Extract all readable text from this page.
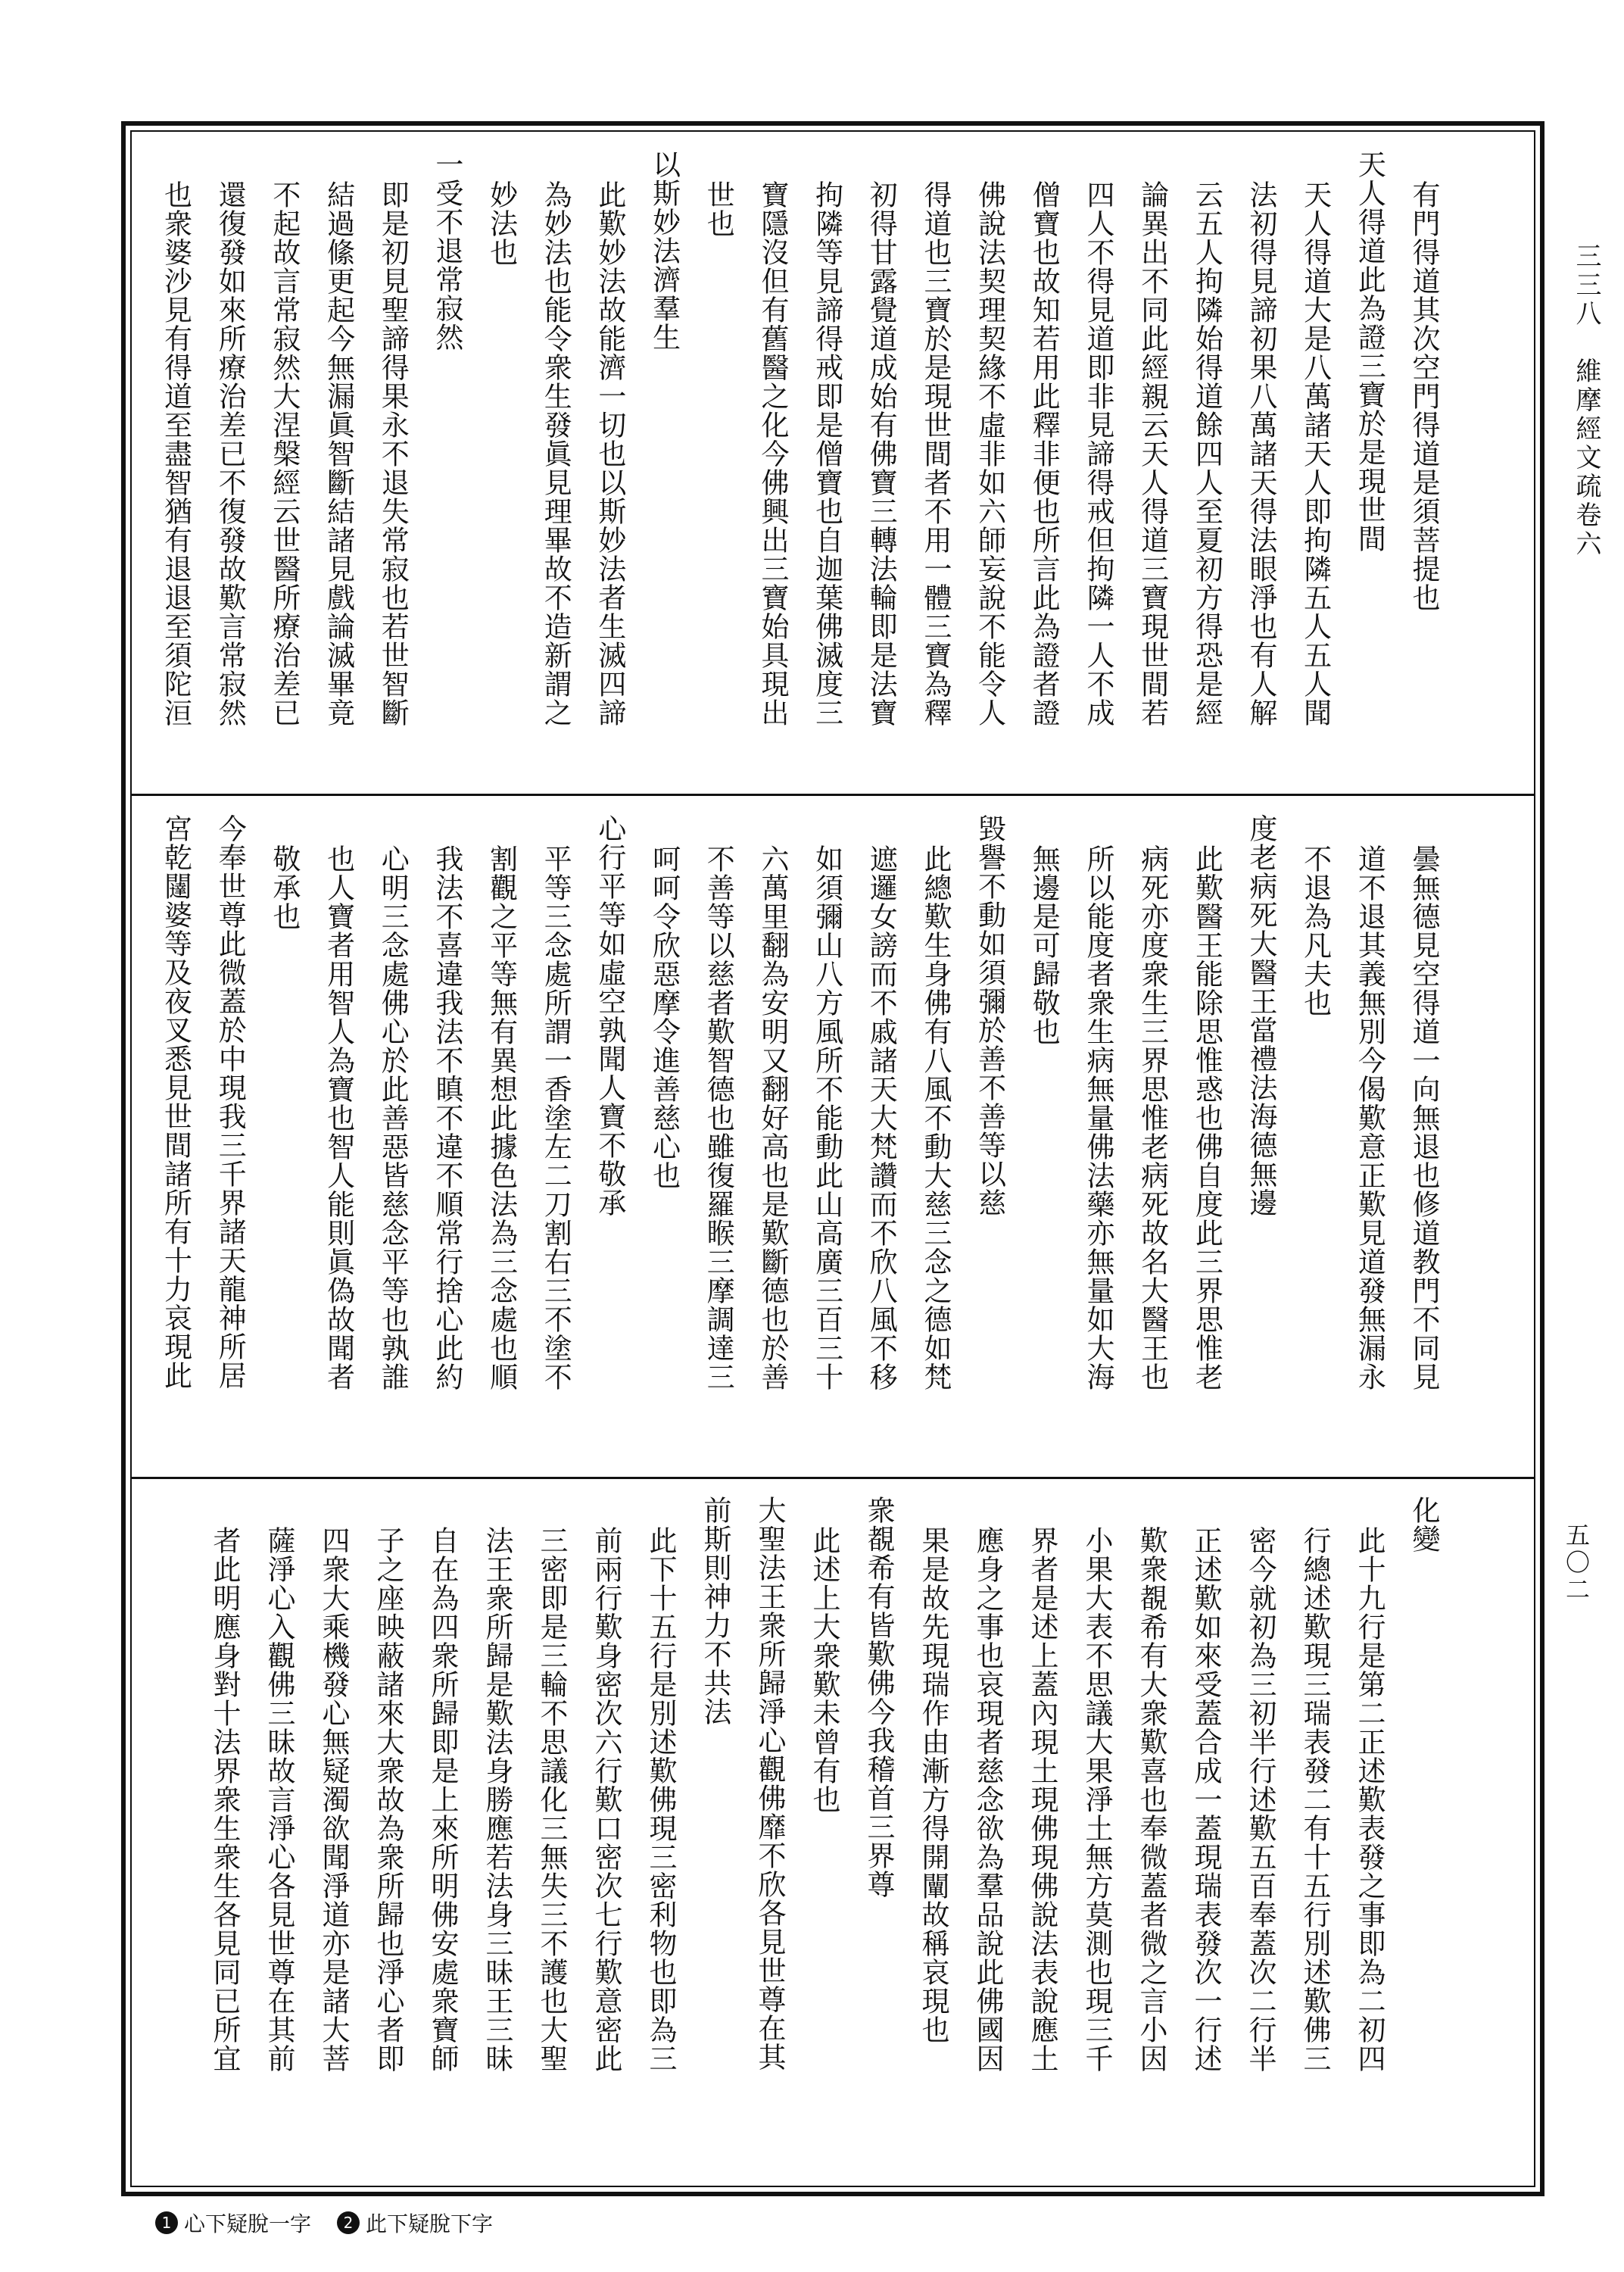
三三八　維摩經文疏卷六
五〇二
有門得道其次空門得道是須菩提也
天人得道此為證三寶於是現世間
天人得道大是八萬諸天人即拘隣五人五人聞
法初得見諦初果八萬諸天得法眼淨也有人解
云五人拘隣始得道餘四人至夏初方得恐是經
論異出不同此經親云天人得道三寶現世間若
四人不得見道即非見諦得戒但拘隣一人不成
僧寶也故知若用此釋非便也所言此為證者證
佛說法契理契緣不虛非如六師妄說不能令人
得道也三寶於是現世間者不用一體三寶為釋
初得甘露覺道成始有佛寶三轉法輪即是法寶
拘隣等見諦得戒即是僧寶也自迦葉佛滅度三
寶隱沒但有舊醫之化今佛興出三寶始具現出
世也
以斯妙法濟羣生
此歎妙法故能濟一切也以斯妙法者生滅四諦
為妙法也能令衆生發眞見理畢故不造新謂之
妙法也
一受不退常寂然
即是初見聖諦得果永不退失常寂也若世智斷
結過絛更起今無漏眞智斷結諸見戲論滅畢竟
不起故言常寂然大涅槃經云世醫所療治差已
還復發如來所療治差已不復發故歎言常寂然
也衆婆沙見有得道至盡智猶有退退至須陀洹
曇無德見空得道一向無退也修道教門不同見
道不退其義無別今偈歎意正歎見道發無漏永
不退為凡夫也
度老病死大醫王當禮法海德無邊
此歎醫王能除思惟惑也佛自度此三界思惟老
病死亦度衆生三界思惟老病死故名大醫王也
所以能度者衆生病無量佛法藥亦無量如大海
無邊是可歸敬也
毀譽不動如須彌於善不善等以慈
此總歎生身佛有八風不動大慈三念之德如梵
遮邏女謗而不戚諸天大梵讚而不欣八風不移
如須彌山八方風所不能動此山高廣三百三十
六萬里翻為安明又翻好高也是歎斷德也於善
不善等以慈者歎智德也雖復羅睺三摩調達三
呵呵令欣惡摩令進善慈心也
心行平等如虛空孰聞人寶不敬承
平等三念處所謂一香塗左二刀割右三不塗不
割觀之平等無有異想此據色法為三念處也順
我法不喜違我法不瞋不違不順常行捨心此約
心明三念處佛心於此善惡皆慈念平等也孰誰
也人寶者用智人為寶也智人能則眞偽故聞者
敬承也
今奉世尊此微蓋於中現我三千界諸天龍神所居
宮乾闥婆等及夜叉悉見世間諸所有十力哀現此
化變
此十九行是第二正述歎表發之事即為二初四
行總述歎現三瑞表發二有十五行別述歎佛三
密今就初為三初半行述歎五百奉蓋次二行半
正述歎如來受蓋合成一蓋現瑞表發次一行述
歎衆覩希有大衆歎喜也奉微蓋者微之言小因
小果大表不思議大果淨土無方莫測也現三千
界者是述上蓋內現土現佛現佛說法表說應土
應身之事也哀現者慈念欲為羣品說此佛國因
果是故先現瑞作由漸方得開闡故稱哀現也
衆覩希有皆歎佛今我稽首三界尊
此述上大衆歎未曾有也
大聖法王衆所歸淨心觀佛靡不欣各見世尊在其
前斯則神力不共法
此下十五行是別述歎佛現三密利物也即為三
前兩行歎身密次六行歎口密次七行歎意密此
三密即是三輪不思議化三無失三不護也大聖
法王衆所歸是歎法身勝應若法身三昧王三昧
自在為四衆所歸即是上來所明佛安處衆寶師
子之座映蔽諸來大衆故為衆所歸也淨心者即
四衆大乘機發心無疑濁欲聞淨道亦是諸大菩
薩淨心入觀佛三昧故言淨心各見世尊在其前
者此明應身對十法界衆生衆生各見同已所宜
1 心下疑脫一字	2 此下疑脫下字
